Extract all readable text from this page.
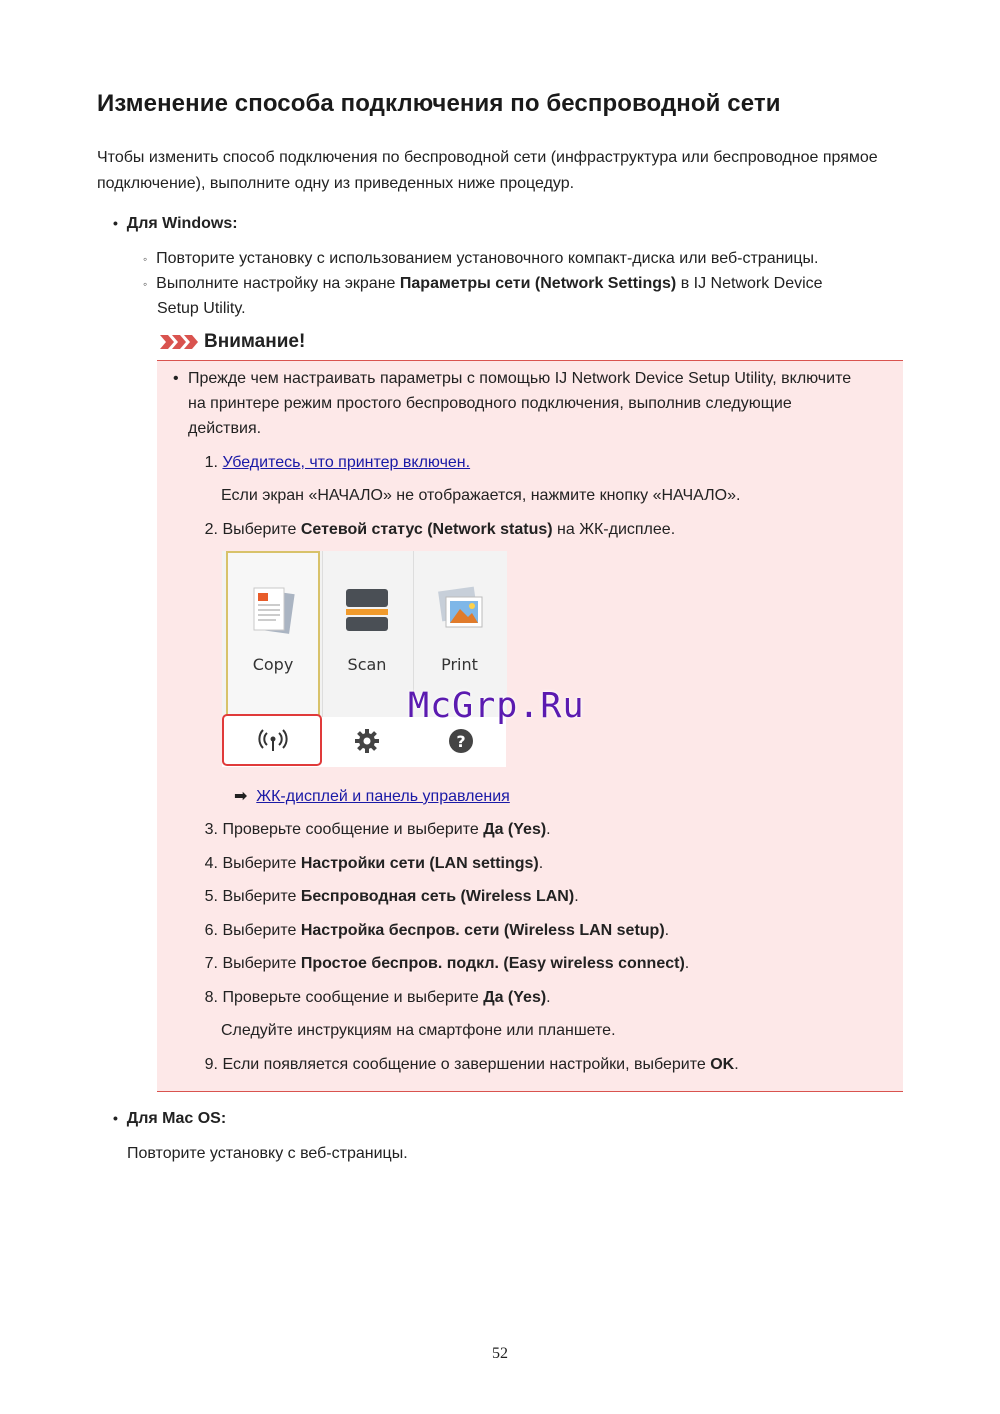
Изменение способа подключения по беспроводной сети
Чтобы изменить способ подключения по беспроводной сети (инфраструктура или беспроводное прямое подключение), выполните одну из приведенных ниже процедур.
• Для Windows:
◦ Повторите установку с использованием установочного компакт-диска или веб-страницы.
◦ Выполните настройку на экране Параметры сети (Network Settings) в IJ Network Device
Setup Utility.
Внимание!
• Прежде чем настраивать параметры с помощью IJ Network Device Setup Utility, включите
на принтере режим простого беспроводного подключения, выполнив следующие
действия.
1. Убедитесь, что принтер включен.
Если экран «НАЧАЛО» не отображается, нажмите кнопку «НАЧАЛО».
2. Выберите Сетевой статус (Network status) на ЖК-дисплее.
Copy	Scan	Print
?
McGrp.Ru
➡ ЖК-дисплей и панель управления
3. Проверьте сообщение и выберите Да (Yes).
4. Выберите Настройки сети (LAN settings).
5. Выберите Беспроводная сеть (Wireless LAN).
6. Выберите Настройка беспров. сети (Wireless LAN setup).
7. Выберите Простое беспров. подкл. (Easy wireless connect).
8. Проверьте сообщение и выберите Да (Yes).
Следуйте инструкциям на смартфоне или планшете.
9. Если появляется сообщение о завершении настройки, выберите OK.
• Для Mac OS:
Повторите установку с веб-страницы.
52
